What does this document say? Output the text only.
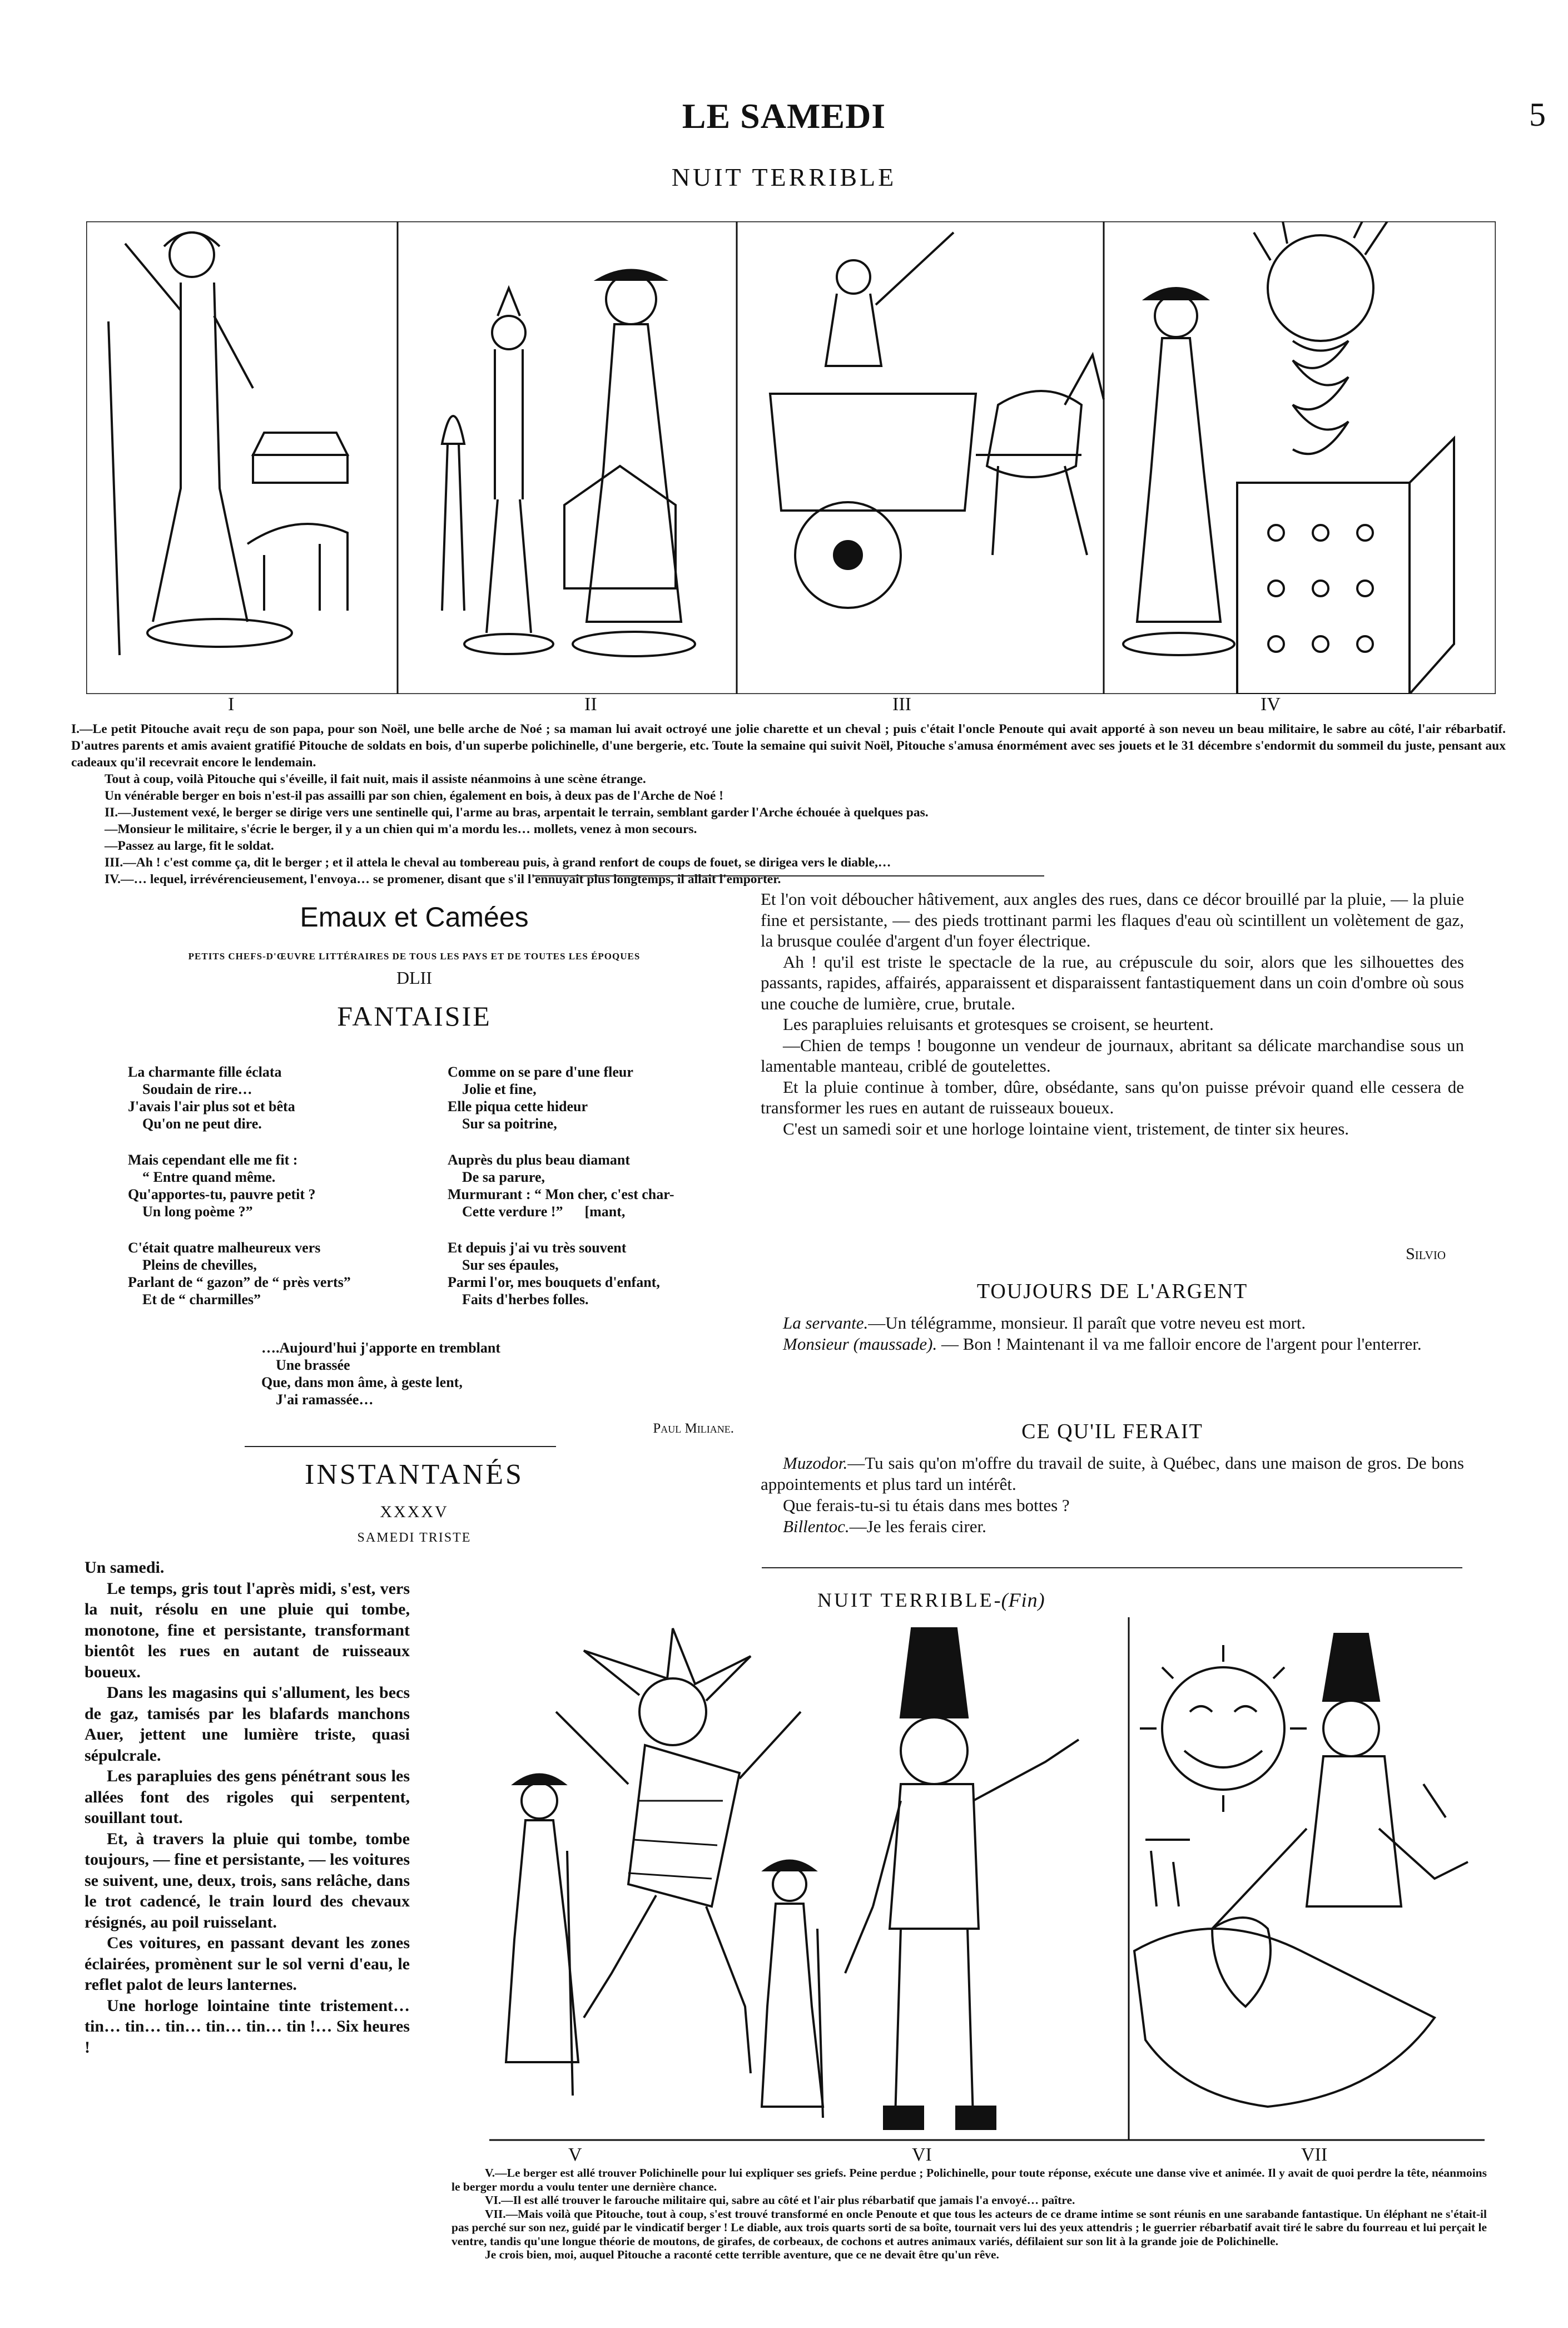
LE SAMEDI	5
NUIT TERRIBLE
I	II	III	IV

I.—Le petit Pitouche avait reçu de son papa, pour son Noël, une belle arche de Noé ; sa maman lui avait octroyé une jolie charette et un cheval ; puis c'était l'oncle Penoute qui avait apporté à son neveu un beau militaire, le sabre au côté, l'air rébarbatif. D'autres parents et amis avaient gratifié Pitouche de soldats en bois, d'un superbe polichinelle, d'une bergerie, etc. Toute la semaine qui suivit Noël, Pitouche s'amusa énormément avec ses jouets et le 31 décembre s'endormit du sommeil du juste, pensant aux cadeaux qu'il recevrait encore le lendemain.

Tout à coup, voilà Pitouche qui s'éveille, il fait nuit, mais il assiste néanmoins à une scène étrange.

Un vénérable berger en bois n'est-il pas assailli par son chien, également en bois, à deux pas de l'Arche de Noé !

II.—Justement vexé, le berger se dirige vers une sentinelle qui, l'arme au bras, arpentait le terrain, semblant garder l'Arche échouée à quelques pas.

—Monsieur le militaire, s'écrie le berger, il y a un chien qui m'a mordu les… mollets, venez à mon secours.

—Passez au large, fit le soldat.

III.—Ah ! c'est comme ça, dit le berger ; et il attela le cheval au tombereau puis, à grand renfort de coups de fouet, se dirigea vers le diable,…

IV.—… lequel, irrévérencieusement, l'envoya… se promener, disant que s'il l'ennuyait plus longtemps, il allait l'emporter.

Emaux et Camées
PETITS CHEFS-D'ŒUVRE LITTÉRAIRES DE TOUS LES PAYS ET DE TOUTES LES ÉPOQUES
DLII
FANTAISIE
La charmante fille éclata
Soudain de rire…
J'avais l'air plus sot et bêta
Qu'on ne peut dire.
Mais cependant elle me fit :
“ Entre quand même.
Qu'apportes-tu, pauvre petit ?
Un long poème ?”
C'était quatre malheureux vers
Pleins de chevilles,
Parlant de “ gazon” de “ près verts”
Et de “ charmilles”
Comme on se pare d'une fleur
Jolie et fine,
Elle piqua cette hideur
Sur sa poitrine,
Auprès du plus beau diamant
De sa parure,
Murmurant : “ Mon cher, c'est char-
Cette verdure !”      [mant,
Et depuis j'ai vu très souvent
Sur ses épaules,
Parmi l'or, mes bouquets d'enfant,
Faits d'herbes folles.
….Aujourd'hui j'apporte en tremblant
Une brassée
Que, dans mon âme, à geste lent,
J'ai ramassée…
Paul Miliane.
INSTANTANÉS
XXXXV
SAMEDI TRISTE

Un samedi.

Le temps, gris tout l'après midi, s'est, vers la nuit, résolu en une pluie qui tombe, monotone, fine et persistante, transformant bientôt les rues en autant de ruisseaux boueux.

Dans les magasins qui s'allument, les becs de gaz, tamisés par les blafards manchons Auer, jettent une lumière triste, quasi sépulcrale.

Les parapluies des gens pénétrant sous les allées font des rigoles qui serpentent, souillant tout.

Et, à travers la pluie qui tombe, tombe toujours, — fine et persistante, — les voitures se suivent, une, deux, trois, sans relâche, dans le trot cadencé, le train lourd des chevaux résignés, au poil ruisselant.

Ces voitures, en passant devant les zones éclairées, promènent sur le sol verni d'eau, le reflet palot de leurs lanternes.

Une horloge lointaine tinte tristement… tin… tin… tin… tin… tin… tin !… Six heures !

Et l'on voit déboucher hâtivement, aux angles des rues, dans ce décor brouillé par la pluie, — la pluie fine et persistante, — des pieds trottinant parmi les flaques d'eau où scintillent un volètement de gaz, la brusque coulée d'argent d'un foyer électrique.

Ah ! qu'il est triste le spectacle de la rue, au crépuscule du soir, alors que les silhouettes des passants, rapides, affairés, apparaissent et disparaissent fantastiquement dans un coin d'ombre où sous une couche de lumière, crue, brutale.

Les parapluies reluisants et grotesques se croisent, se heurtent.

—Chien de temps ! bougonne un vendeur de journaux, abritant sa délicate marchandise sous un lamentable manteau, criblé de goutelettes.

Et la pluie continue à tomber, dûre, obsédante, sans qu'on puisse prévoir quand elle cessera de transformer les rues en autant de ruisseaux boueux.

C'est un samedi soir et une horloge lointaine vient, tristement, de tinter six heures.

Silvio
TOUJOURS DE L'ARGENT

La servante.—Un télégramme, monsieur. Il paraît que votre neveu est mort.

Monsieur (maussade). — Bon ! Maintenant il va me falloir encore de l'argent pour l'enterrer.

CE QU'IL FERAIT

Muzodor.—Tu sais qu'on m'offre du travail de suite, à Québec, dans une maison de gros. De bons appointements et plus tard un intérêt.

Que ferais-tu-si tu étais dans mes bottes ?

Billentoc.—Je les ferais cirer.

NUIT TERRIBLE-(Fin)
V	VI	VII

V.—Le berger est allé trouver Polichinelle pour lui expliquer ses griefs. Peine perdue ; Polichinelle, pour toute réponse, exécute une danse vive et animée. Il y avait de quoi perdre la tête, néanmoins le berger mordu a voulu tenter une dernière chance.

VI.—Il est allé trouver le farouche militaire qui, sabre au côté et l'air plus rébarbatif que jamais l'a envoyé… paître.

VII.—Mais voilà que Pitouche, tout à coup, s'est trouvé transformé en oncle Penoute et que tous les acteurs de ce drame intime se sont réunis en une sarabande fantastique. Un éléphant ne s'était-il pas perché sur son nez, guidé par le vindicatif berger ! Le diable, aux trois quarts sorti de sa boîte, tournait vers lui des yeux attendris ; le guerrier rébarbatif avait tiré le sabre du fourreau et lui perçait le ventre, tandis qu'une longue théorie de moutons, de girafes, de corbeaux, de cochons et autres animaux variés, défilaient sur son lit à la grande joie de Polichinelle.

Je crois bien, moi, auquel Pitouche a raconté cette terrible aventure, que ce ne devait être qu'un rêve.
